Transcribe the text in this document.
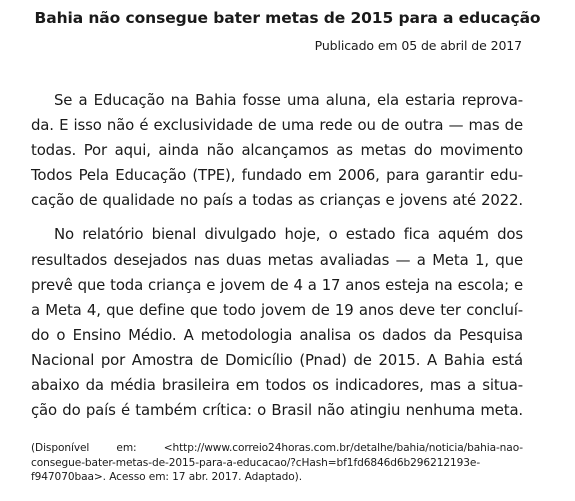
Bahia não consegue bater metas de 2015 para a educação
Publicado em 05 de abril de 2017
Se a Educação na Bahia fosse uma aluna, ela estaria reprova-
da. E isso não é exclusividade de uma rede ou de outra — mas de
todas. Por aqui, ainda não alcançamos as metas do movimento
Todos Pela Educação (TPE), fundado em 2006, para garantir edu-
cação de qualidade no país a todas as crianças e jovens até 2022.
No relatório bienal divulgado hoje, o estado fica aquém dos
resultados desejados nas duas metas avaliadas — a Meta 1, que
prevê que toda criança e jovem de 4 a 17 anos esteja na escola; e
a Meta 4, que define que todo jovem de 19 anos deve ter concluí-
do o Ensino Médio. A metodologia analisa os dados da Pesquisa
Nacional por Amostra de Domicílio (Pnad) de 2015. A Bahia está
abaixo da média brasileira em todos os indicadores, mas a situa-
ção do país é também crítica: o Brasil não atingiu nenhuma meta.
(Disponível em: <http://www.correio24horas.com.br/detalhe/bahia/noticia/bahia-nao-
consegue-bater-metas-de-2015-para-a-educacao/?cHash=bf1fd6846d6b296212193e-
f947070baa>. Acesso em: 17 abr. 2017. Adaptado).
